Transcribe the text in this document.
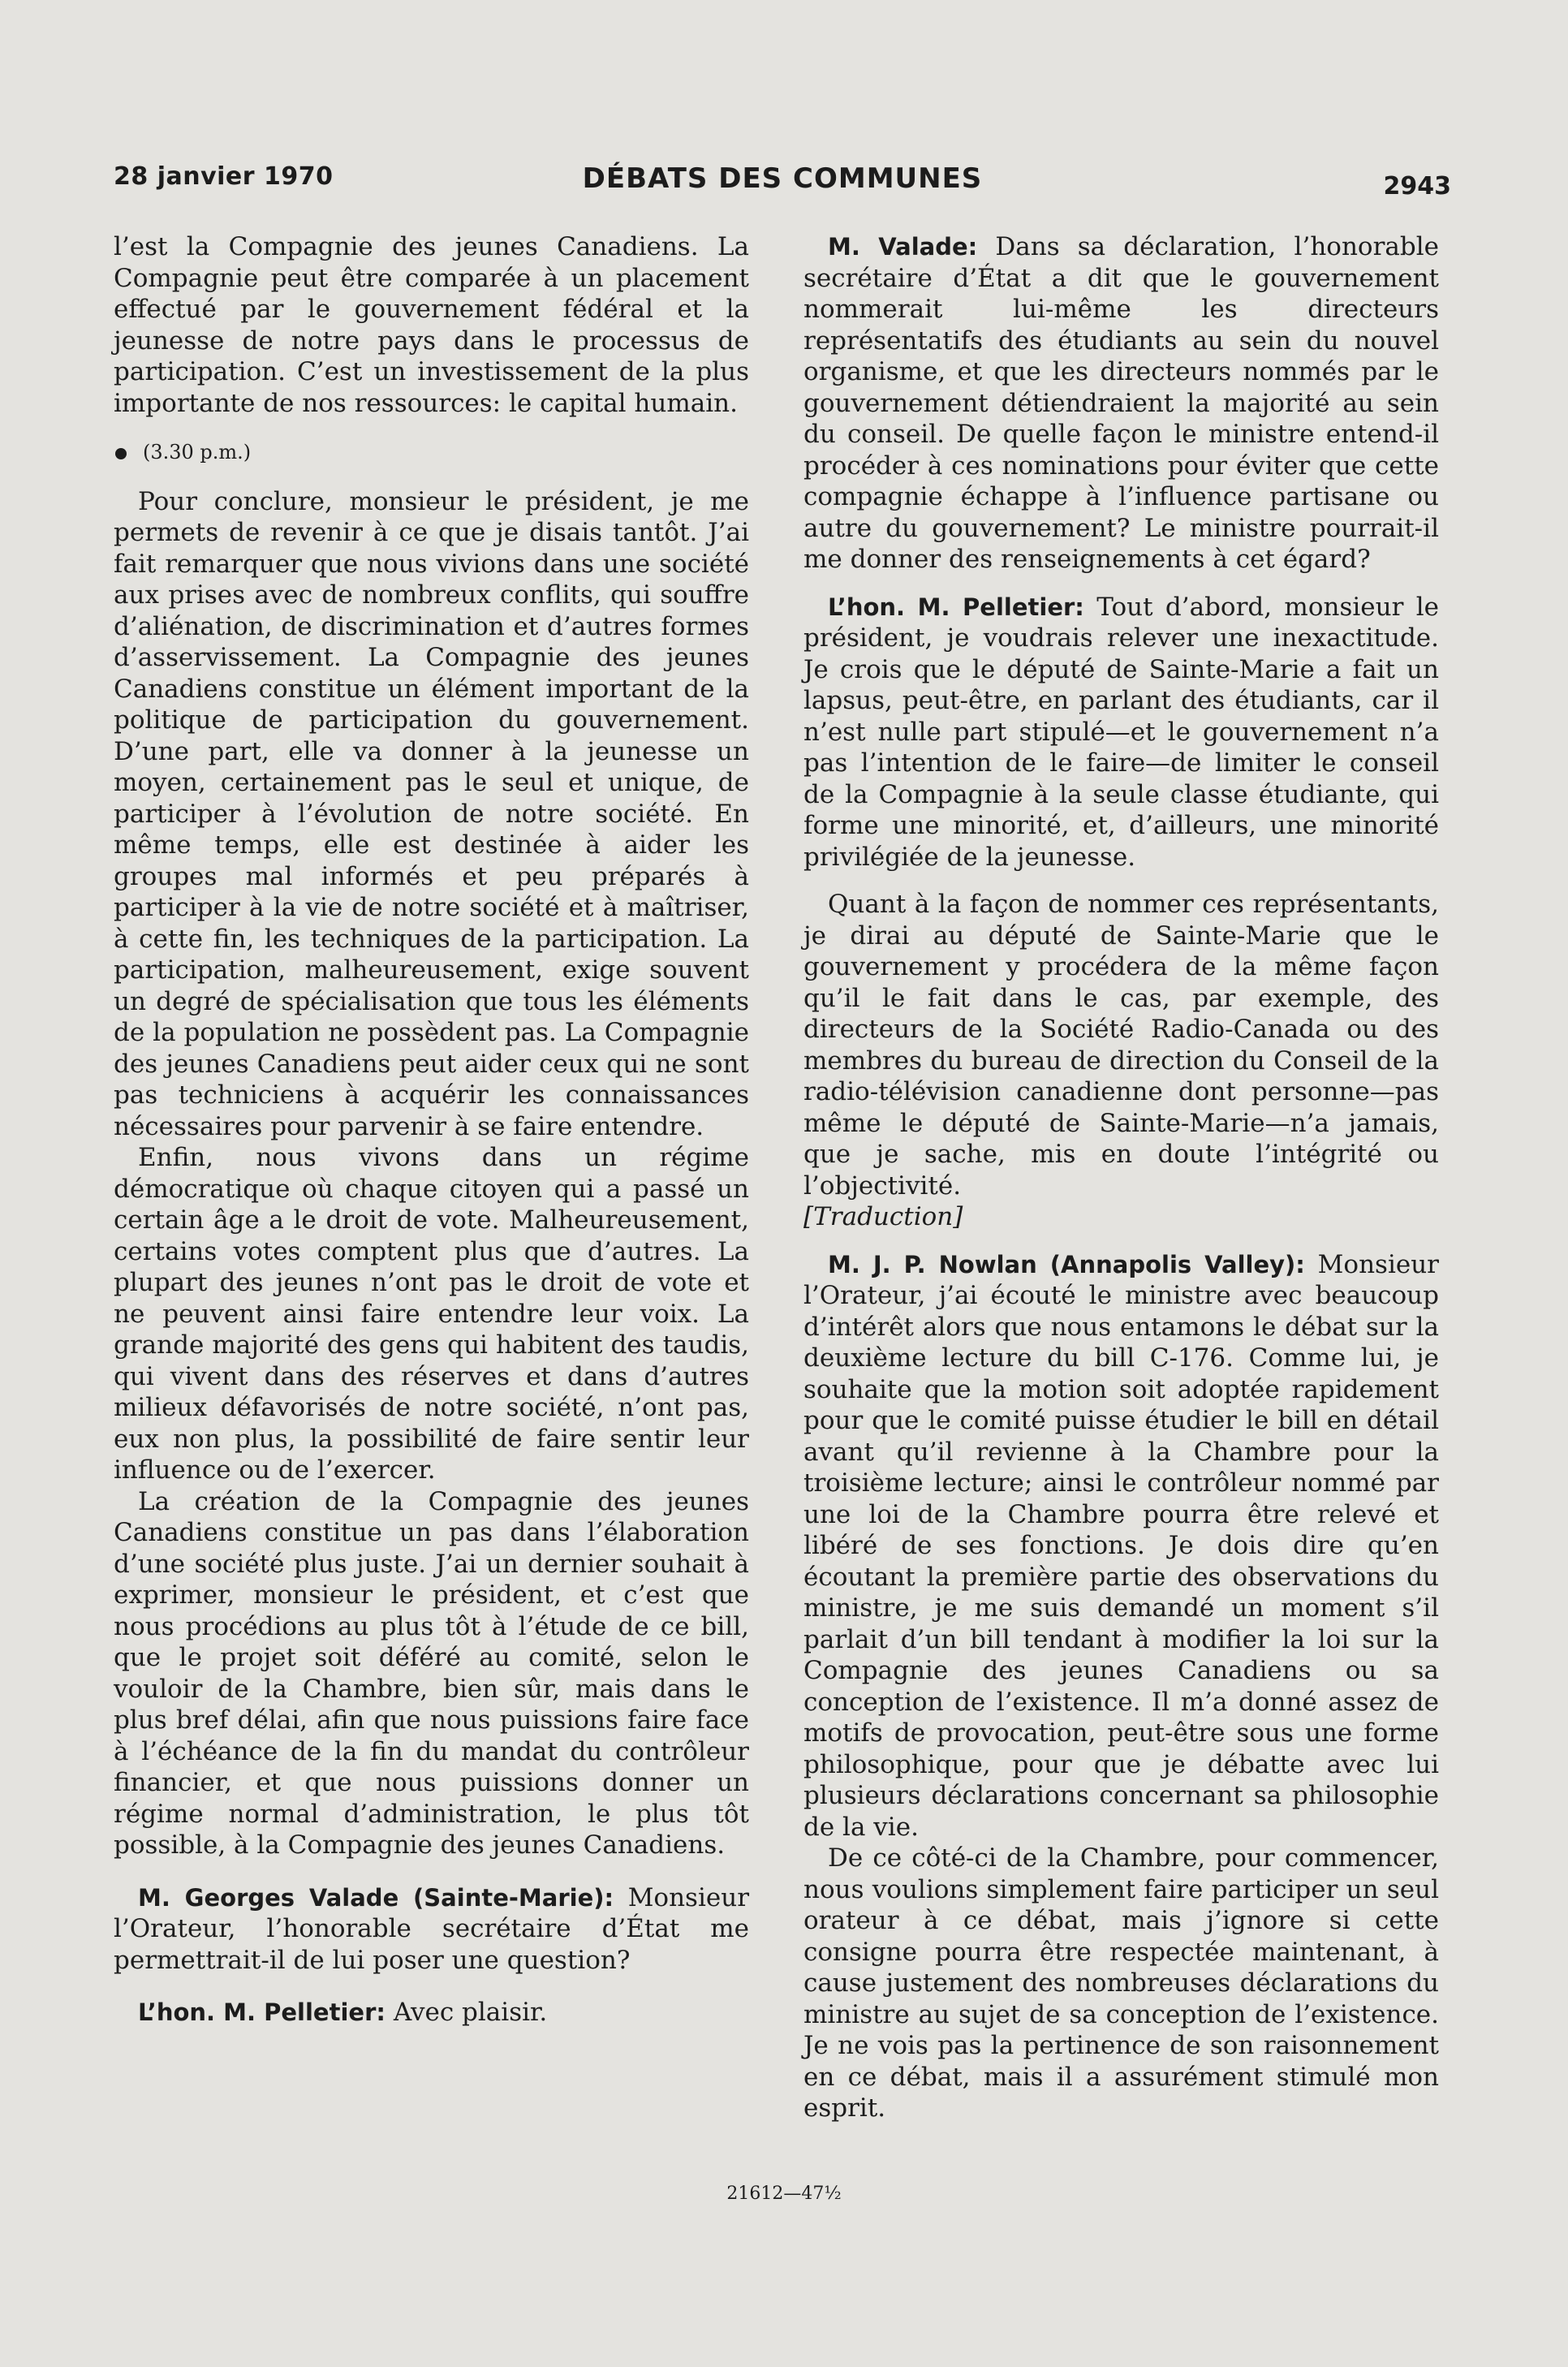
28 janvier 1970	DÉBATS DES COMMUNES	2943

l’est la Compagnie des jeunes Canadiens. La Compagnie peut être comparée à un placement effectué par le gouvernement fédéral et la jeunesse de notre pays dans le processus de participation. C’est un investissement de la plus importante de nos ressources: le capital humain.

(3.30 p.m.)

Pour conclure, monsieur le président, je me permets de revenir à ce que je disais tantôt. J’ai fait remarquer que nous vivions dans une société aux prises avec de nombreux conflits, qui souffre d’aliénation, de discrimination et d’autres formes d’asservissement. La Compagnie des jeunes Canadiens constitue un élément important de la politique de participation du gouvernement. D’une part, elle va donner à la jeunesse un moyen, certainement pas le seul et unique, de participer à l’évolution de notre société. En même temps, elle est destinée à aider les groupes mal informés et peu préparés à participer à la vie de notre société et à maîtriser, à cette fin, les techniques de la participation. La participation, malheureusement, exige souvent un degré de spécialisation que tous les éléments de la population ne possèdent pas. La Compagnie des jeunes Canadiens peut aider ceux qui ne sont pas techniciens à acquérir les connaissances nécessaires pour parvenir à se faire entendre.

Enfin, nous vivons dans un régime démocratique où chaque citoyen qui a passé un certain âge a le droit de vote. Malheureusement, certains votes comptent plus que d’autres. La plupart des jeunes n’ont pas le droit de vote et ne peuvent ainsi faire entendre leur voix. La grande majorité des gens qui habitent des taudis, qui vivent dans des réserves et dans d’autres milieux défavorisés de notre société, n’ont pas, eux non plus, la possibilité de faire sentir leur influence ou de l’exercer.

La création de la Compagnie des jeunes Canadiens constitue un pas dans l’élaboration d’une société plus juste. J’ai un dernier souhait à exprimer, monsieur le président, et c’est que nous procédions au plus tôt à l’étude de ce bill, que le projet soit déféré au comité, selon le vouloir de la Chambre, bien sûr, mais dans le plus bref délai, afin que nous puissions faire face à l’échéance de la fin du mandat du contrôleur financier, et que nous puissions donner un régime normal d’administration, le plus tôt possible, à la Compagnie des jeunes Canadiens.

M. Georges Valade (Sainte-Marie): Monsieur l’Orateur, l’honorable secrétaire d’État me permettrait-il de lui poser une question?

L’hon. M. Pelletier: Avec plaisir.

M. Valade: Dans sa déclaration, l’honorable secrétaire d’État a dit que le gouvernement nommerait lui-même les directeurs représentatifs des étudiants au sein du nouvel organisme, et que les directeurs nommés par le gouvernement détiendraient la majorité au sein du conseil. De quelle façon le ministre entend-il procéder à ces nominations pour éviter que cette compagnie échappe à l’influence partisane ou autre du gouvernement? Le ministre pourrait-il me donner des renseignements à cet égard?

L’hon. M. Pelletier: Tout d’abord, monsieur le président, je voudrais relever une inexactitude. Je crois que le député de Sainte-Marie a fait un lapsus, peut-être, en parlant des étudiants, car il n’est nulle part stipulé—et le gouvernement n’a pas l’intention de le faire—de limiter le conseil de la Compagnie à la seule classe étudiante, qui forme une minorité, et, d’ailleurs, une minorité privilégiée de la jeunesse.

Quant à la façon de nommer ces représentants, je dirai au député de Sainte-Marie que le gouvernement y procédera de la même façon qu’il le fait dans le cas, par exemple, des directeurs de la Société Radio-Canada ou des membres du bureau de direction du Conseil de la radio-télévision canadienne dont personne—pas même le député de Sainte-Marie—n’a jamais, que je sache, mis en doute l’intégrité ou l’objectivité.

[Traduction]

M. J. P. Nowlan (Annapolis Valley): Monsieur l’Orateur, j’ai écouté le ministre avec beaucoup d’intérêt alors que nous entamons le débat sur la deuxième lecture du bill C-176. Comme lui, je souhaite que la motion soit adoptée rapidement pour que le comité puisse étudier le bill en détail avant qu’il revienne à la Chambre pour la troisième lecture; ainsi le contrôleur nommé par une loi de la Chambre pourra être relevé et libéré de ses fonctions. Je dois dire qu’en écoutant la première partie des observations du ministre, je me suis demandé un moment s’il parlait d’un bill tendant à modifier la loi sur la Compagnie des jeunes Canadiens ou sa conception de l’existence. Il m’a donné assez de motifs de provocation, peut-être sous une forme philosophique, pour que je débatte avec lui plusieurs déclarations concernant sa philosophie de la vie.

De ce côté-ci de la Chambre, pour commencer, nous voulions simplement faire participer un seul orateur à ce débat, mais j’ignore si cette consigne pourra être respectée maintenant, à cause justement des nombreuses déclarations du ministre au sujet de sa conception de l’existence. Je ne vois pas la pertinence de son raisonnement en ce débat, mais il a assurément stimulé mon esprit.

21612—47½
